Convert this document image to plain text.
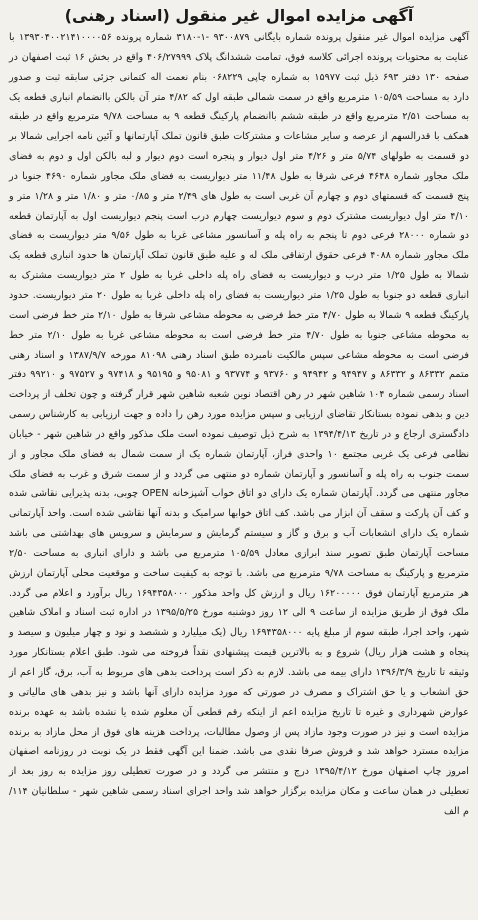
آگهی مزایده اموال غیر منقول (اسناد رهنی)

آگهی مزایده اموال غیر منقول پرونده شماره بایگانی ۹۳۰۰۸۷۹ -۱-۳۱۸۰ شماره پرونده ۱۳۹۳۰۴۰۰۲۱۴۱۰۰۰۰۵۶ با عنایت به محتویات پرونده اجرائی کلاسه فوق، تمامت ششدانگ پلاک ۴۰۶/۲۷۹۹۹ واقع در بخش ۱۶ ثبت اصفهان در صفحه ۱۳۰ دفتر ۶۹۳ ذیل ثبت ۱۵۹۷۷ به شماره چاپی ۰۶۸۲۲۹ بنام نعمت اله کتمانی جزئی سابقه ثبت و صدور دارد به مساحت ۱۰۵/۵۹ مترمربع واقع در سمت شمالی طبقه اول که ۴/۸۲ متر آن بالکن باانضمام انباری قطعه یک به مساحت ۲/۵۱ مترمربع واقع در طبقه ششم باانضمام پارکینگ قطعه ۹ به مساحت ۹/۷۸ مترمربع واقع در طبقه همکف با قدرالسهم از عرصه و سایر مشاعات و مشترکات طبق قانون تملک آپارتمانها و آئین نامه اجرایی شمالا بر دو قسمت به طولهای ۵/۷۴ متر و ۴/۲۶ متر اول دیوار و پنجره است دوم دیوار و لبه بالکن اول و دوم به فضای ملک مجاور شماره ۴۶۴۸ فرعی شرقا به طول ۱۱/۴۸ متر دیواریست به فضای ملک مجاور شماره ۴۶۹۰ جنوبا در پنج قسمت که قسمتهای دوم و چهارم آن غربی است به طول های ۲/۴۹ متر و ۰/۸۵ متر و ۱/۸۰ متر و ۱/۲۸ متر و ۴/۱۰ متر اول دیواریست مشترک دوم و سوم دیواریست چهارم درب است پنجم دیواریست اول به آپارتمان قطعه دو شماره ۲۸۰۰۰ فرعی دوم تا پنجم به راه پله و آسانسور مشاعی غربا به طول ۹/۵۶ متر دیواریست به فضای ملک مجاور شماره ۴۰۸۸ فرعی حقوق ارتفاقی ملک له و علیه طبق قانون تملک آپارتمان ها حدود انباری قطعه یک شمالا به طول ۱/۲۵ متر درب و دیواریست به فضای راه پله داخلی غربا به طول ۲ متر دیواریست مشترک به انباری قطعه دو جنوبا به طول ۱/۲۵ متر دیواریست به فضای راه پله داخلی غربا به طول ۲۰ متر دیواریست. حدود پارکینگ قطعه ۹ شمالا به طول ۴/۷۰ متر خط فرضی به محوطه مشاعی شرقا به طول ۲/۱۰ متر خط فرضی است به محوطه مشاعی جنوبا به طول ۴/۷۰ متر خط فرضی است به محوطه مشاعی غربا به طول ۲/۱۰ متر خط فرضی است به محوطه مشاعی سپس مالکیت نامبرده طبق اسناد رهنی ۸۱۰۹۸ مورخه ۱۳۸۷/۹/۷ و اسناد رهنی متمم ۸۶۳۳۲ و ۸۶۳۳۲ و ۹۴۹۴۷ و ۹۴۹۴۲ و ۹۳۷۶۰ و ۹۳۷۷۴ و ۹۵۰۸۱ و ۹۵۱۹۵ و ۹۷۴۱۸ و ۹۷۵۲۷ و ۹۹۲۱۰ دفتر اسناد رسمی شماره ۱۰۴ شاهین شهر در رهن اقتصاد نوین شعبه شاهین شهر قرار گرفته و چون تخلف از پرداخت دین و بدهی نموده بستانکار تقاضای ارزیابی و سپس مزایده مورد رهن را داده و جهت ارزیابی به کارشناس رسمی دادگستری ارجاع و در تاریخ ۱۳۹۴/۴/۱۳ به شرح ذیل توصیف نموده است ملک مذکور واقع در شاهین شهر - خیابان نظامی فرعی یک غربی مجتمع ۱۰ واحدی فراز، آپارتمان شماره یک از سمت شمال به فضای ملک مجاور و از سمت جنوب به راه پله و آسانسور و آپارتمان شماره دو منتهی می گردد و از سمت شرق و غرب به فضای ملک مجاور منتهی می گردد. آپارتمان شماره یک دارای دو اتاق خواب آشپزخانه OPEN چوبی، بدنه پذیرایی نقاشی شده و کف آن پارکت و سقف آن ابزار می باشد. کف اتاق خوابها سرامیک و بدنه آنها نقاشی شده است. واحد آپارتمانی شماره یک دارای انشعابات آب و برق و گاز و سیستم گرمایش و سرمایش و سرویس های بهداشتی می باشد مساحت آپارتمان طبق تصویر سند ابرازی معادل ۱۰۵/۵۹ مترمربع می باشد و دارای انباری به مساحت ۲/۵۰ مترمربع و پارکینگ به مساحت ۹/۷۸ مترمربع می باشد. با توجه به کیفیت ساخت و موقعیت محلی آپارتمان ارزش هر مترمربع آپارتمان فوق ۱۶۲۰۰۰۰۰ ریال و ارزش کل واحد مذکور ۱۶۹۴۳۵۸۰۰۰ ریال برآورد و اعلام می گردد. ملک فوق از طریق مزایده از ساعت ۹ الی ۱۲ روز دوشنبه مورخ ۱۳۹۵/۵/۲۵ در اداره ثبت اسناد و املاک شاهین شهر، واحد اجرا، طبقه سوم از مبلغ پایه ۱۶۹۴۳۵۸۰۰۰ ریال (یک میلیارد و ششصد و نود و چهار میلیون و سیصد و پنجاه و هشت هزار ریال) شروع و به بالاترین قیمت پیشنهادی نقداً فروخته می شود. طبق اعلام بستانکار مورد وثیقه تا تاریخ ۱۳۹۶/۳/۹ دارای بیمه می باشد. لازم به ذکر است پرداخت بدهی های مربوط به آب، برق، گاز اعم از حق انشعاب و یا حق اشتراک و مصرف در صورتی که مورد مزایده دارای آنها باشد و نیز بدهی های مالیاتی و عوارض شهرداری و غیره تا تاریخ مزایده اعم از اینکه رقم قطعی آن معلوم شده یا نشده باشد به عهده برنده مزایده است و نیز در صورت وجود مازاد پس از وصول مطالبات، پرداخت هزینه های فوق از محل مازاد به برنده مزایده مسترد خواهد شد و فروش صرفا نقدی می باشد. ضمنا این آگهی فقط در یک نوبت در روزنامه اصفهان امروز چاپ اصفهان مورخ ۱۳۹۵/۴/۱۲ درج و منتشر می گردد و در صورت تعطیلی روز مزایده به روز بعد از تعطیلی در همان ساعت و مکان مزایده برگزار خواهد شد واحد اجرای اسناد رسمی شاهین شهر - سلطانیان ۱۱۴/م الف
